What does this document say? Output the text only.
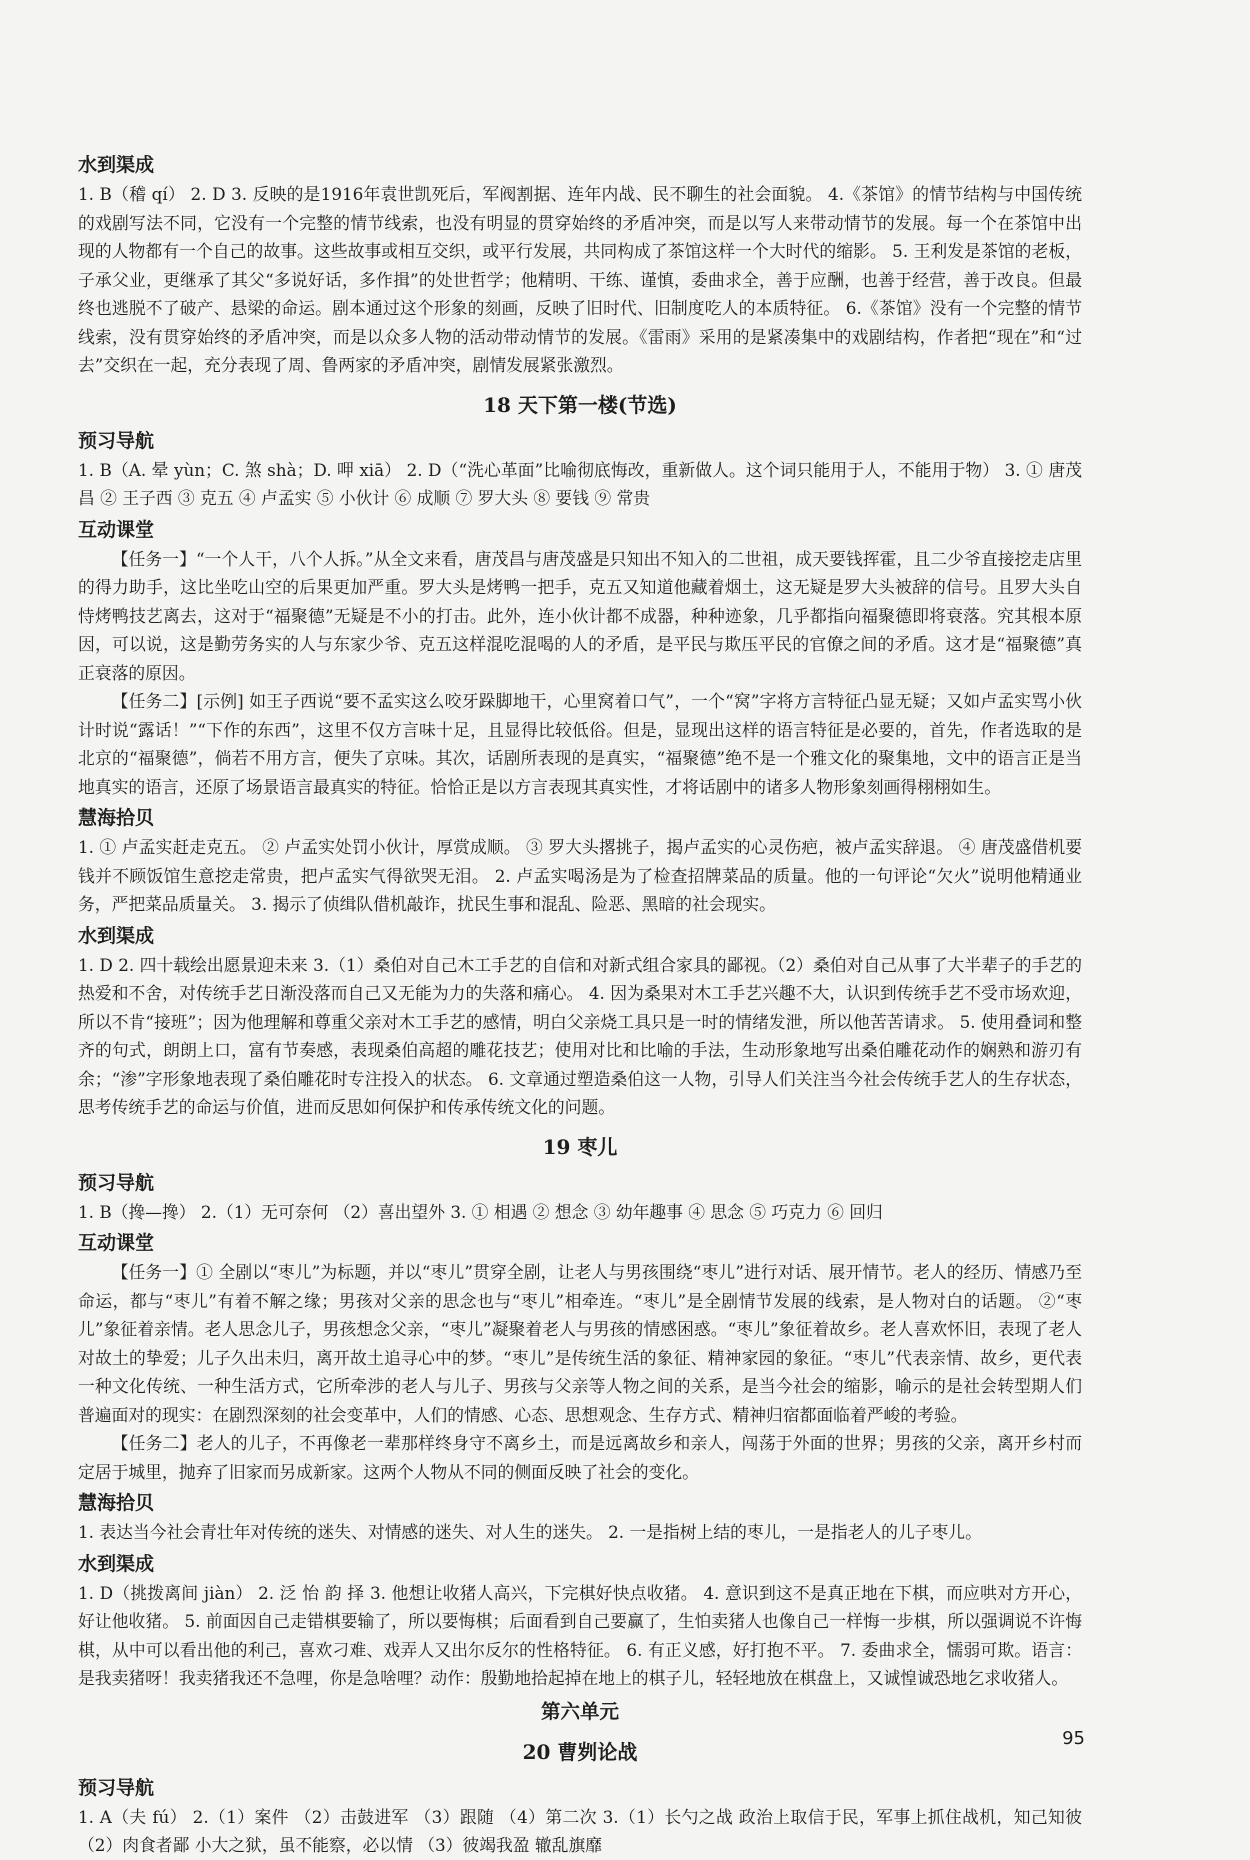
水到渠成
1. B（稽 qí） 2. D 3. 反映的是1916年袁世凯死后，军阀割据、连年内战、民不聊生的社会面貌。 4.《茶馆》的情节结构与中国传统的戏剧写法不同，它没有一个完整的情节线索，也没有明显的贯穿始终的矛盾冲突，而是以写人来带动情节的发展。每一个在茶馆中出现的人物都有一个自己的故事。这些故事或相互交织，或平行发展，共同构成了茶馆这样一个大时代的缩影。 5. 王利发是茶馆的老板，子承父业，更继承了其父“多说好话，多作揖”的处世哲学；他精明、干练、谨慎，委曲求全，善于应酬，也善于经营，善于改良。但最终也逃脱不了破产、悬梁的命运。剧本通过这个形象的刻画，反映了旧时代、旧制度吃人的本质特征。 6.《茶馆》没有一个完整的情节线索，没有贯穿始终的矛盾冲突，而是以众多人物的活动带动情节的发展。《雷雨》采用的是紧凑集中的戏剧结构，作者把“现在”和“过去”交织在一起，充分表现了周、鲁两家的矛盾冲突，剧情发展紧张激烈。
18 天下第一楼(节选)
预习导航
1. B（A. 晕 yùn；C. 煞 shà；D. 呷 xiā） 2. D（“洗心革面”比喻彻底悔改，重新做人。这个词只能用于人，不能用于物） 3. ① 唐茂昌 ② 王子西 ③ 克五 ④ 卢孟实 ⑤ 小伙计 ⑥ 成顺 ⑦ 罗大头 ⑧ 要钱 ⑨ 常贵
互动课堂
【任务一】“一个人干，八个人拆。”从全文来看，唐茂昌与唐茂盛是只知出不知入的二世祖，成天要钱挥霍，且二少爷直接挖走店里的得力助手，这比坐吃山空的后果更加严重。罗大头是烤鸭一把手，克五又知道他藏着烟土，这无疑是罗大头被辞的信号。且罗大头自恃烤鸭技艺离去，这对于“福聚德”无疑是不小的打击。此外，连小伙计都不成器，种种迹象，几乎都指向福聚德即将衰落。究其根本原因，可以说，这是勤劳务实的人与东家少爷、克五这样混吃混喝的人的矛盾，是平民与欺压平民的官僚之间的矛盾。这才是“福聚德”真正衰落的原因。
【任务二】[示例] 如王子西说“要不孟实这么咬牙跺脚地干，心里窝着口气”，一个“窝”字将方言特征凸显无疑；又如卢孟实骂小伙计时说“露话！”“下作的东西”，这里不仅方言味十足，且显得比较低俗。但是，显现出这样的语言特征是必要的，首先，作者选取的是北京的“福聚德”，倘若不用方言，便失了京味。其次，话剧所表现的是真实，“福聚德”绝不是一个雅文化的聚集地，文中的语言正是当地真实的语言，还原了场景语言最真实的特征。恰恰正是以方言表现其真实性，才将话剧中的诸多人物形象刻画得栩栩如生。
慧海拾贝
1. ① 卢孟实赶走克五。 ② 卢孟实处罚小伙计，厚赏成顺。 ③ 罗大头撂挑子，揭卢孟实的心灵伤疤，被卢孟实辞退。 ④ 唐茂盛借机要钱并不顾饭馆生意挖走常贵，把卢孟实气得欲哭无泪。 2. 卢孟实喝汤是为了检查招牌菜品的质量。他的一句评论“欠火”说明他精通业务，严把菜品质量关。 3. 揭示了侦缉队借机敲诈，扰民生事和混乱、险恶、黑暗的社会现实。
水到渠成
1. D 2. 四十载绘出愿景迎未来 3.（1）桑伯对自己木工手艺的自信和对新式组合家具的鄙视。（2）桑伯对自己从事了大半辈子的手艺的热爱和不舍，对传统手艺日渐没落而自己又无能为力的失落和痛心。 4. 因为桑果对木工手艺兴趣不大，认识到传统手艺不受市场欢迎，所以不肯“接班”；因为他理解和尊重父亲对木工手艺的感情，明白父亲烧工具只是一时的情绪发泄，所以他苦苦请求。 5. 使用叠词和整齐的句式，朗朗上口，富有节奏感，表现桑伯高超的雕花技艺；使用对比和比喻的手法，生动形象地写出桑伯雕花动作的娴熟和游刃有余；“渗”字形象地表现了桑伯雕花时专注投入的状态。 6. 文章通过塑造桑伯这一人物，引导人们关注当今社会传统手艺人的生存状态，思考传统手艺的命运与价值，进而反思如何保护和传承传统文化的问题。
19 枣儿
预习导航
1. B（搀—搀） 2.（1）无可奈何 （2）喜出望外 3. ① 相遇 ② 想念 ③ 幼年趣事 ④ 思念 ⑤ 巧克力 ⑥ 回归
互动课堂
【任务一】① 全剧以“枣儿”为标题，并以“枣儿”贯穿全剧，让老人与男孩围绕“枣儿”进行对话、展开情节。老人的经历、情感乃至命运，都与“枣儿”有着不解之缘；男孩对父亲的思念也与“枣儿”相牵连。“枣儿”是全剧情节发展的线索，是人物对白的话题。 ②“枣儿”象征着亲情。老人思念儿子，男孩想念父亲，“枣儿”凝聚着老人与男孩的情感困惑。“枣儿”象征着故乡。老人喜欢怀旧，表现了老人对故土的挚爱；儿子久出未归，离开故土追寻心中的梦。“枣儿”是传统生活的象征、精神家园的象征。“枣儿”代表亲情、故乡，更代表一种文化传统、一种生活方式，它所牵涉的老人与儿子、男孩与父亲等人物之间的关系，是当今社会的缩影，喻示的是社会转型期人们普遍面对的现实：在剧烈深刻的社会变革中，人们的情感、心态、思想观念、生存方式、精神归宿都面临着严峻的考验。
【任务二】老人的儿子，不再像老一辈那样终身守不离乡土，而是远离故乡和亲人，闯荡于外面的世界；男孩的父亲，离开乡村而定居于城里，抛弃了旧家而另成新家。这两个人物从不同的侧面反映了社会的变化。
慧海拾贝
1. 表达当今社会青壮年对传统的迷失、对情感的迷失、对人生的迷失。 2. 一是指树上结的枣儿，一是指老人的儿子枣儿。
水到渠成
1. D（挑拨离间 jiàn） 2. 泛 怡 韵 择 3. 他想让收猪人高兴，下完棋好快点收猪。 4. 意识到这不是真正地在下棋，而应哄对方开心，好让他收猪。 5. 前面因自己走错棋要输了，所以要悔棋；后面看到自己要赢了，生怕卖猪人也像自己一样悔一步棋，所以强调说不许悔棋，从中可以看出他的利己，喜欢刁难、戏弄人又出尔反尔的性格特征。 6. 有正义感，好打抱不平。 7. 委曲求全，懦弱可欺。语言：是我卖猪呀！我卖猪我还不急哩，你是急啥哩？动作：殷勤地拾起掉在地上的棋子儿，轻轻地放在棋盘上，又诚惶诚恐地乞求收猪人。
第六单元
20 曹刿论战
预习导航
1. A（夫 fú） 2.（1）案件 （2）击鼓进军 （3）跟随 （4）第二次 3.（1）长勺之战 政治上取信于民，军事上抓住战机，知己知彼 （2）肉食者鄙 小大之狱，虽不能察，必以情 （3）彼竭我盈 辙乱旗靡
95
